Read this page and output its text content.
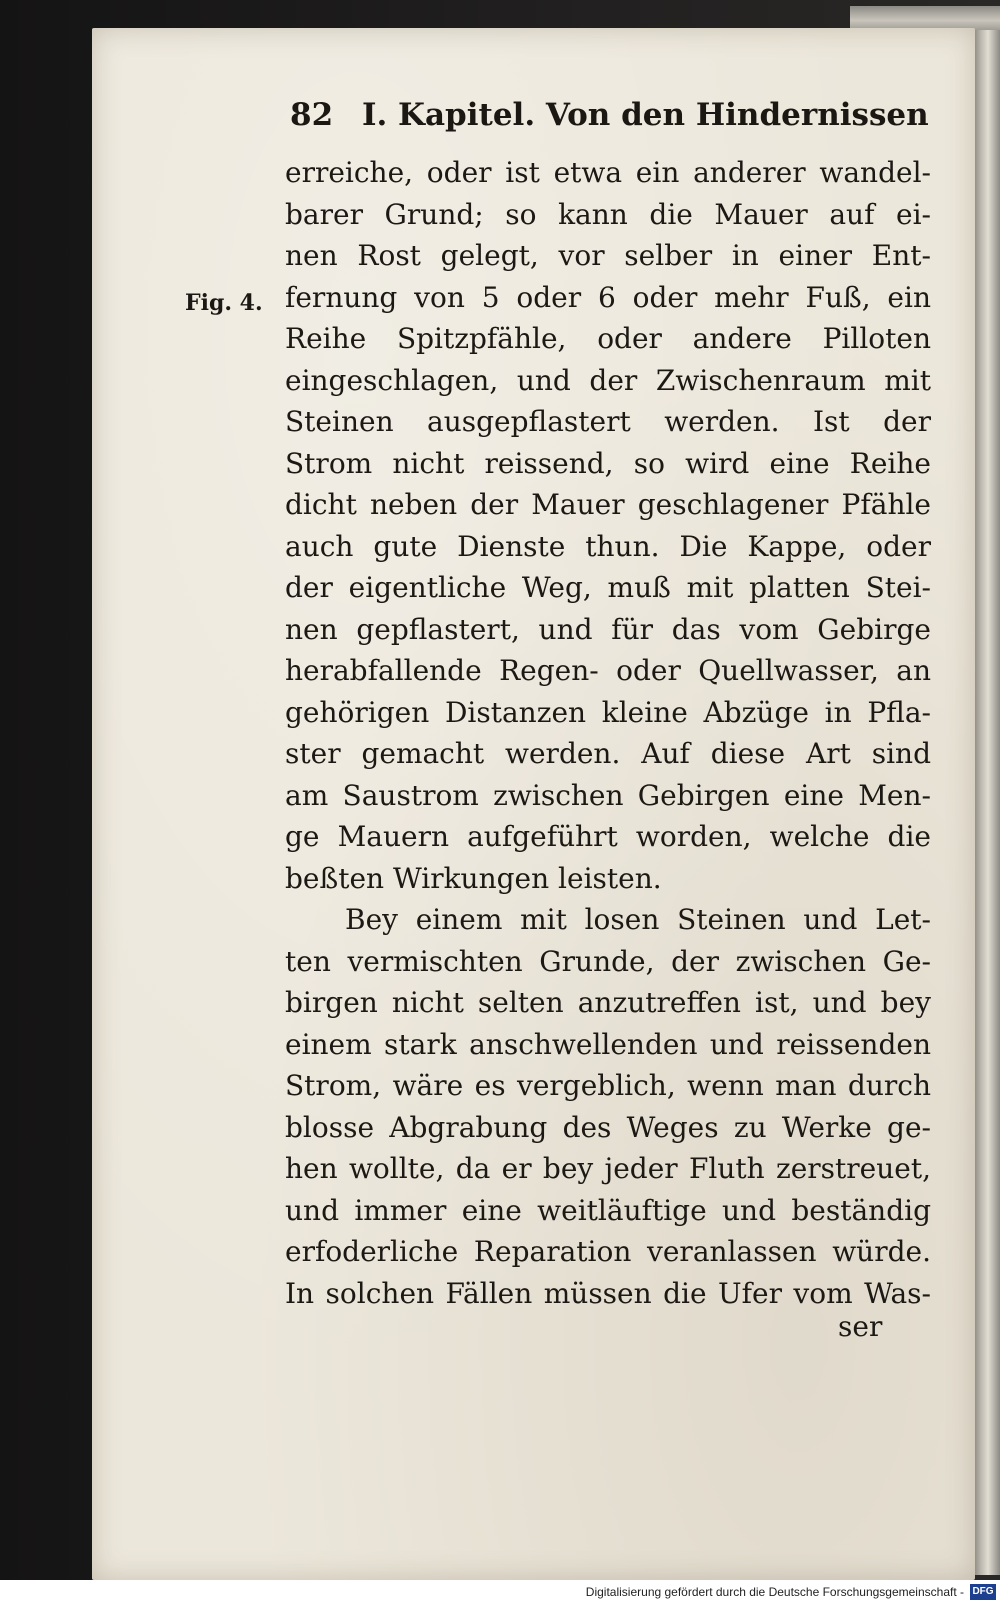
82 I. Kapitel. Von den Hindernissen
Fig. 4.
erreiche, oder ist etwa ein anderer wandel-
barer Grund; so kann die Mauer auf ei-
nen Rost gelegt, vor selber in einer Ent-
fernung von 5 oder 6 oder mehr Fuß, ein
Reihe Spitzpfähle, oder andere Pilloten
eingeschlagen, und der Zwischenraum mit
Steinen ausgepflastert werden. Ist der
Strom nicht reissend, so wird eine Reihe
dicht neben der Mauer geschlagener Pfähle
auch gute Dienste thun. Die Kappe, oder
der eigentliche Weg, muß mit platten Stei-
nen gepflastert, und für das vom Gebirge
herabfallende Regen- oder Quellwasser, an
gehörigen Distanzen kleine Abzüge in Pfla-
ster gemacht werden. Auf diese Art sind
am Saustrom zwischen Gebirgen eine Men-
ge Mauern aufgeführt worden, welche die
beßten Wirkungen leisten.
Bey einem mit losen Steinen und Let-
ten vermischten Grunde, der zwischen Ge-
birgen nicht selten anzutreffen ist, und bey
einem stark anschwellenden und reissenden
Strom, wäre es vergeblich, wenn man durch
blosse Abgrabung des Weges zu Werke ge-
hen wollte, da er bey jeder Fluth zerstreuet,
und immer eine weitläuftige und beständig
erfoderliche Reparation veranlassen würde.
In solchen Fällen müssen die Ufer vom Was-
ser
Digitalisierung gefördert durch die Deutsche Forschungsgemeinschaft - DFG
